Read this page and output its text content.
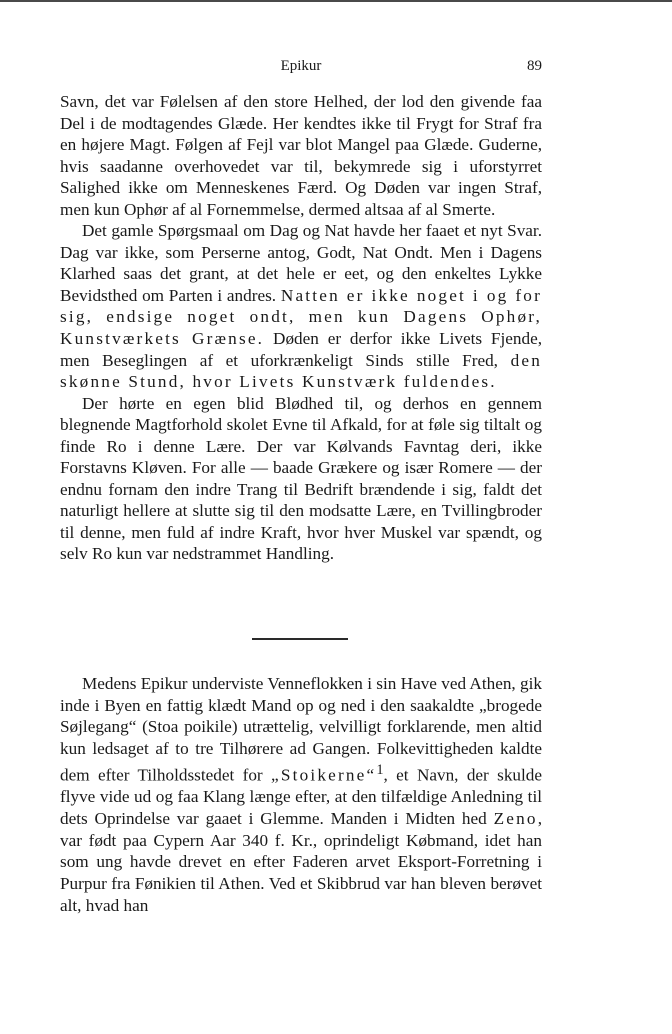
Epikur	89

Savn, det var Følelsen af den store Helhed, der lod den givende faa Del i de modtagendes Glæde. Her kendtes ikke til Frygt for Straf fra en højere Magt. Følgen af Fejl var blot Mangel paa Glæde. Guderne, hvis saadanne overhovedet var til, bekymrede sig i uforstyrret Salighed ikke om Menneskenes Færd. Og Døden var ingen Straf, men kun Ophør af al Fornemmelse, dermed altsaa af al Smerte.

Det gamle Spørgsmaal om Dag og Nat havde her faaet et nyt Svar. Dag var ikke, som Perserne antog, Godt, Nat Ondt. Men i Dagens Klarhed saas det grant, at det hele er eet, og den enkeltes Lykke Bevidsthed om Parten i andres. Natten er ikke noget i og for sig, endsige noget ondt, men kun Dagens Ophør, Kunstværkets Grænse. Døden er derfor ikke Livets Fjende, men Beseglingen af et uforkrænkeligt Sinds stille Fred, den skønne Stund, hvor Livets Kunstværk fuldendes.

Der hørte en egen blid Blødhed til, og derhos en gennem blegnende Magtforhold skolet Evne til Afkald, for at føle sig tiltalt og finde Ro i denne Lære. Der var Kølvands Favntag deri, ikke Forstavns Kløven. For alle — baade Grækere og især Romere — der endnu fornam den indre Trang til Bedrift brændende i sig, faldt det naturligt hellere at slutte sig til den modsatte Lære, en Tvillingbroder til denne, men fuld af indre Kraft, hvor hver Muskel var spændt, og selv Ro kun var nedstrammet Handling.

Medens Epikur underviste Venneflokken i sin Have ved Athen, gik inde i Byen en fattig klædt Mand op og ned i den saakaldte „brogede Søjlegang“ (Stoa poikile) utrættelig, velvilligt forklarende, men altid kun ledsaget af to tre Tilhørere ad Gangen. Folkevittigheden kaldte dem efter Tilholdsstedet for „Stoikerne“$^1$, et Navn, der skulde flyve vide ud og faa Klang længe efter, at den tilfældige Anledning til dets Oprindelse var gaaet i Glemme. Manden i Midten hed Zeno, var født paa Cypern Aar 340 f. Kr., oprindeligt Købmand, idet han som ung havde drevet en efter Faderen arvet Eksport-Forretning i Purpur fra Fønikien til Athen. Ved et Skibbrud var han bleven berøvet alt, hvad han
